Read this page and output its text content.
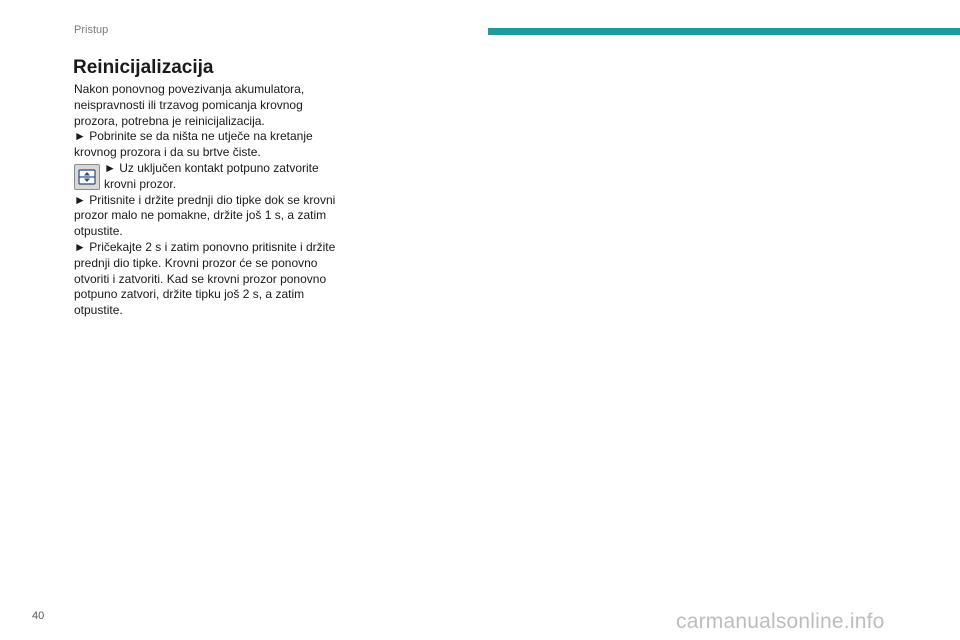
Pristup
Reinicijalizacija

Nakon ponovnog povezivanja akumulatora, neispravnosti ili trzavog pomicanja krovnog prozora, potrebna je reinicijalizacija.

► Pobrinite se da ništa ne utječe na kretanje krovnog prozora i da su brtve čiste.

► Uz uključen kontakt potpuno zatvorite krovni prozor.

► Pritisnite i držite prednji dio tipke dok se krovni prozor malo ne pomakne, držite još 1 s, a zatim otpustite.

► Pričekajte 2 s i zatim ponovno pritisnite i držite prednji dio tipke. Krovni prozor će se ponovno otvoriti i zatvoriti. Kad se krovni prozor ponovno potpuno zatvori, držite tipku još 2 s, a zatim otpustite.

40	carmanualsonline.info
